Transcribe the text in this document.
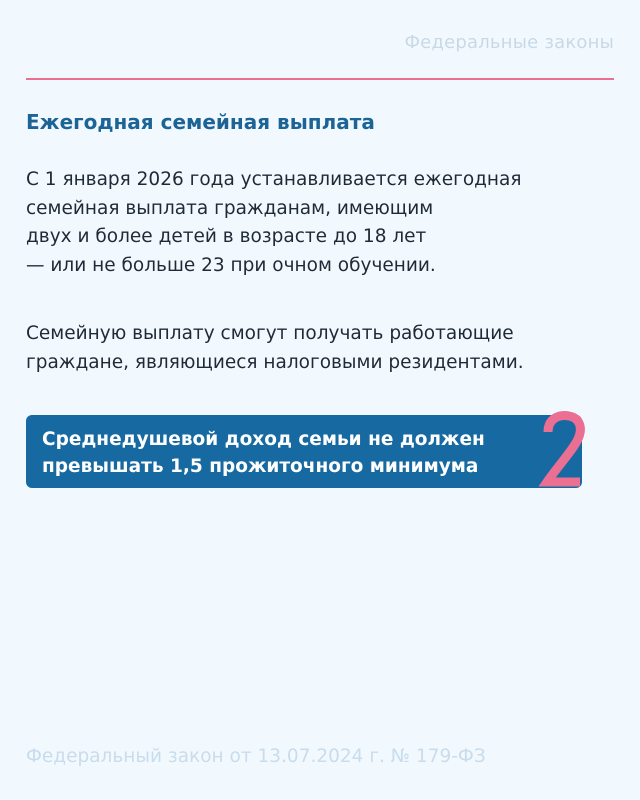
Федеральные законы
Ежегодная семейная выплата

С 1 января 2026 года устанавливается ежегодная
семейная выплата гражданам, имеющим
двух и более детей в возрасте до 18 лет
— или не больше 23 при очном обучении.

Семейную выплату смогут получать работающие
граждане, являющиеся налоговыми резидентами.

Среднедушевой доход семьи не должен
превышать 1,5 прожиточного минимума
Федеральный закон от 13.07.2024 г. № 179-ФЗ
